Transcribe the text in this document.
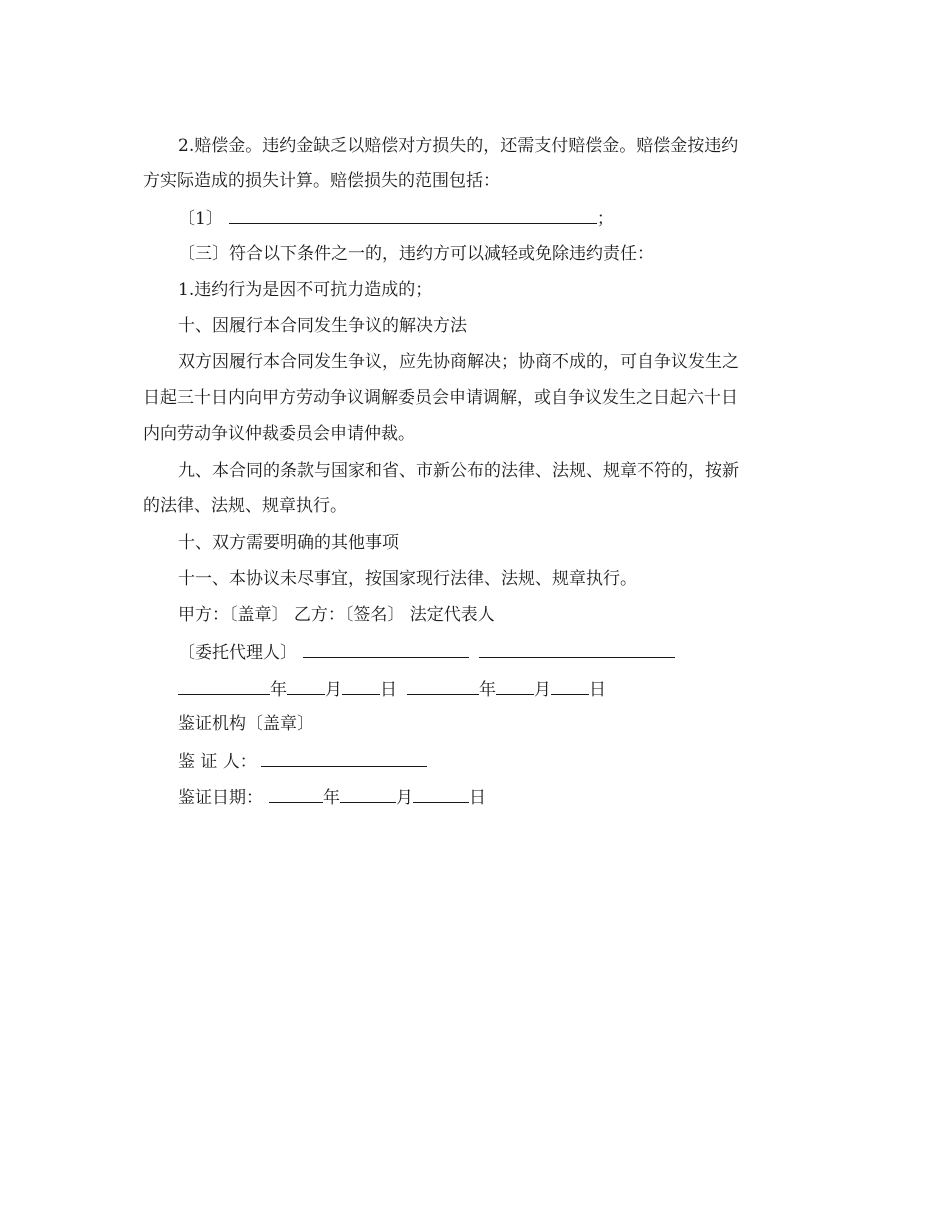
2.赔偿金。违约金缺乏以赔偿对方损失的，还需支付赔偿金。赔偿金按违约
方实际造成的损失计算。赔偿损失的范围包括：
〔1〕	；
〔三〕符合以下条件之一的，违约方可以减轻或免除违约责任：
1.违约行为是因不可抗力造成的；
十、因履行本合同发生争议的解决方法
双方因履行本合同发生争议，应先协商解决；协商不成的，可自争议发生之
日起三十日内向甲方劳动争议调解委员会申请调解，或自争议发生之日起六十日
内向劳动争议仲裁委员会申请仲裁。
九、本合同的条款与国家和省、市新公布的法律、法规、规章不符的，按新
的法律、法规、规章执行。
十、双方需要明确的其他事项
十一、本协议未尽事宜，按国家现行法律、法规、规章执行。
甲方：〔盖章〕 乙方：〔签名〕 法定代表人
〔委托代理人〕
年 月 日	年 月 日
鉴证机构〔盖章〕
鉴 证 人：
鉴证日期：	年	月	日
